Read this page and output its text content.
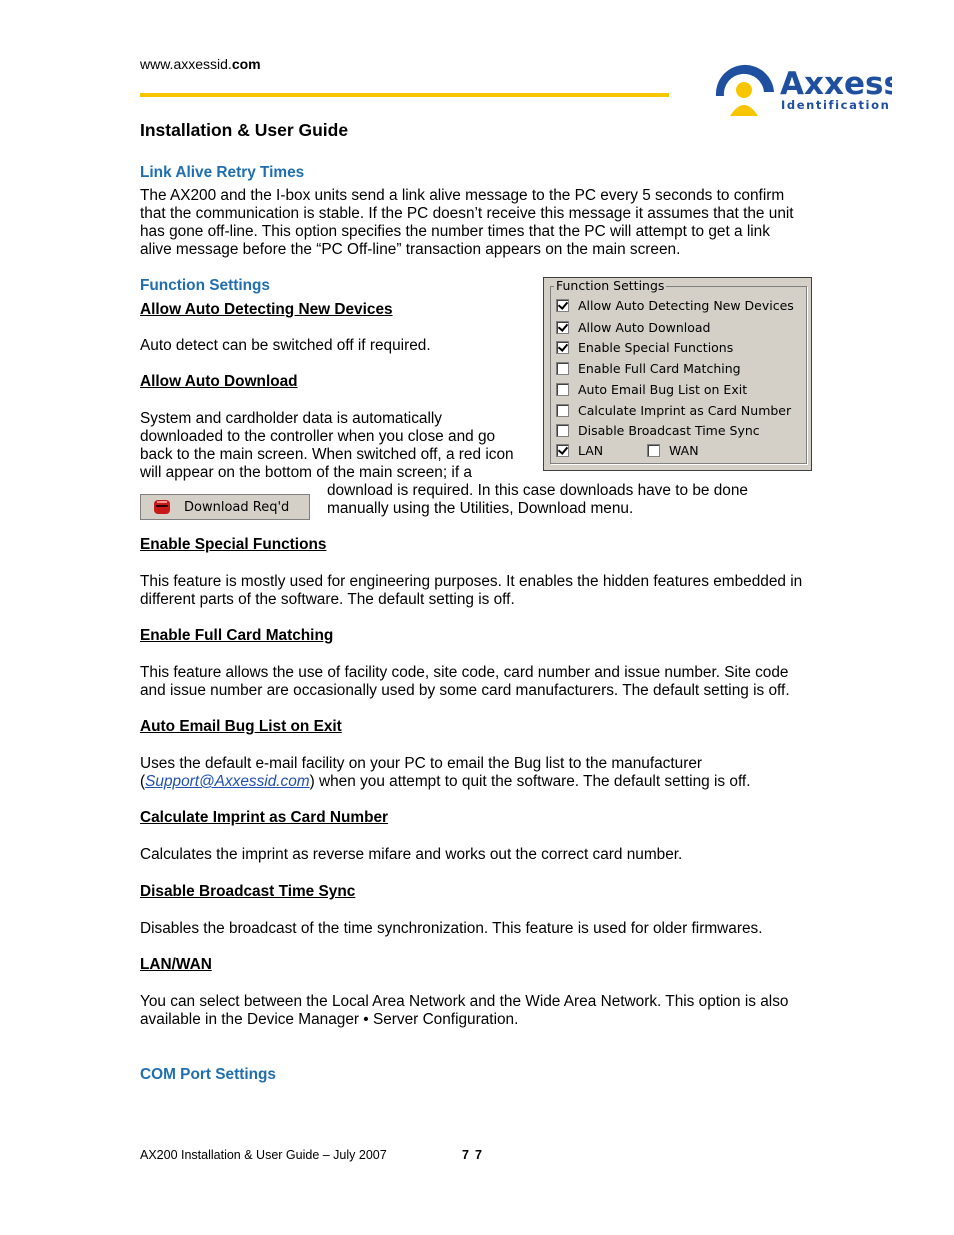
www.axxessid.com
Axxess
Identification
Installation & User Guide
Link Alive Retry Times

The AX200 and the I-box units send a link alive message to the PC every 5 seconds to confirm

that the communication is stable. If the PC doesn’t receive this message it assumes that the unit

has gone off-line. This option specifies the number times that the PC will attempt to get a link

alive message before the “PC Off-line” transaction appears on the main screen.

Function Settings
Allow Auto Detecting New Devices

Auto detect can be switched off if required.

Allow Auto Download

System and cardholder data is automatically

downloaded to the controller when you close and go

back to the main screen. When switched off, a red icon

will appear on the bottom of the main screen; if a

Download Req'd

download is required. In this case downloads have to be done

manually using the Utilities, Download menu.

Function Settings
Allow Auto Detecting New Devices
Allow Auto Download
Enable Special Functions
Enable Full Card Matching
Auto Email Bug List on Exit
Calculate Imprint as Card Number
Disable Broadcast Time Sync
LAN	WAN
Enable Special Functions

This feature is mostly used for engineering purposes. It enables the hidden features embedded in

different parts of the software. The default setting is off.

Enable Full Card Matching

This feature allows the use of facility code, site code, card number and issue number. Site code

and issue number are occasionally used by some card manufacturers. The default setting is off.

Auto Email Bug List on Exit

Uses the default e-mail facility on your PC to email the Bug list to the manufacturer

(Support@Axxessid.com) when you attempt to quit the software. The default setting is off.

Calculate Imprint as Card Number

Calculates the imprint as reverse mifare and works out the correct card number.

Disable Broadcast Time Sync

Disables the broadcast of the time synchronization. This feature is used for older firmwares.

LAN/WAN

You can select between the Local Area Network and the Wide Area Network. This option is also

available in the Device Manager • Server Configuration.

COM Port Settings
AX200 Installation & User Guide – July 2007	77
